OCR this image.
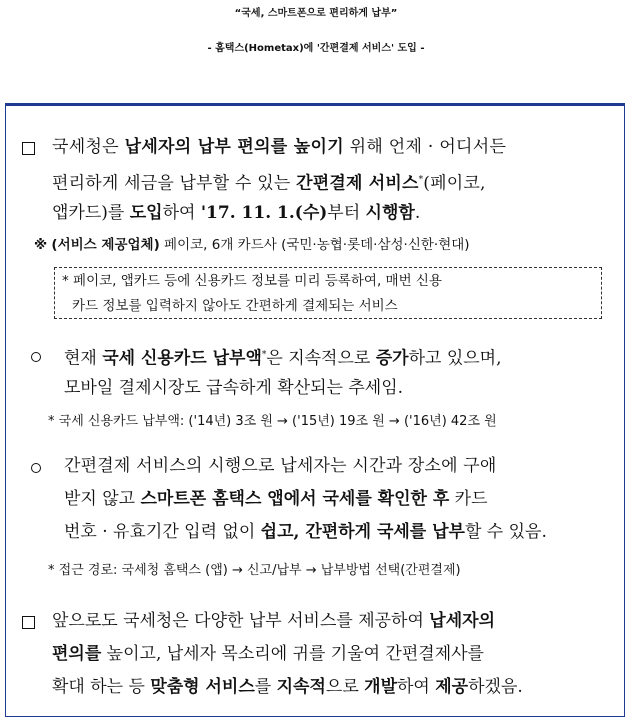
“국세, 스마트폰으로 편리하게 납부”
- 홈택스(Hometax)에 '간편결제 서비스' 도입 -
국세청은 납세자의 납부 편의를 높이기 위해 언제 · 어디서든
편리하게 세금을 납부할 수 있는 간편결제 서비스*(페이코,
앱카드)를 도입하여 '17. 11. 1.(수)부터 시행함.
※ (서비스 제공업체) 페이코, 6개 카드사 (국민·농협·롯데·삼성·신한·현대)
* 페이코, 앱카드 등에 신용카드 정보를 미리 등록하여, 매번 신용
카드 정보를 입력하지 않아도 간편하게 결제되는 서비스
현재 국세 신용카드 납부액*은 지속적으로 증가하고 있으며,
모바일 결제시장도 급속하게 확산되는 추세임.
* 국세 신용카드 납부액: ('14년) 3조 원 → ('15년) 19조 원 → ('16년) 42조 원
간편결제 서비스의 시행으로 납세자는 시간과 장소에 구애
받지 않고 스마트폰 홈택스 앱에서 국세를 확인한 후 카드
번호 · 유효기간 입력 없이 쉽고, 간편하게 국세를 납부할 수 있음.
* 접근 경로: 국세청 홈택스 (앱) → 신고/납부 → 납부방법 선택(간편결제)
앞으로도 국세청은 다양한 납부 서비스를 제공하여 납세자의
편의를 높이고, 납세자 목소리에 귀를 기울여 간편결제사를
확대 하는 등 맞춤형 서비스를 지속적으로 개발하여 제공하겠음.
